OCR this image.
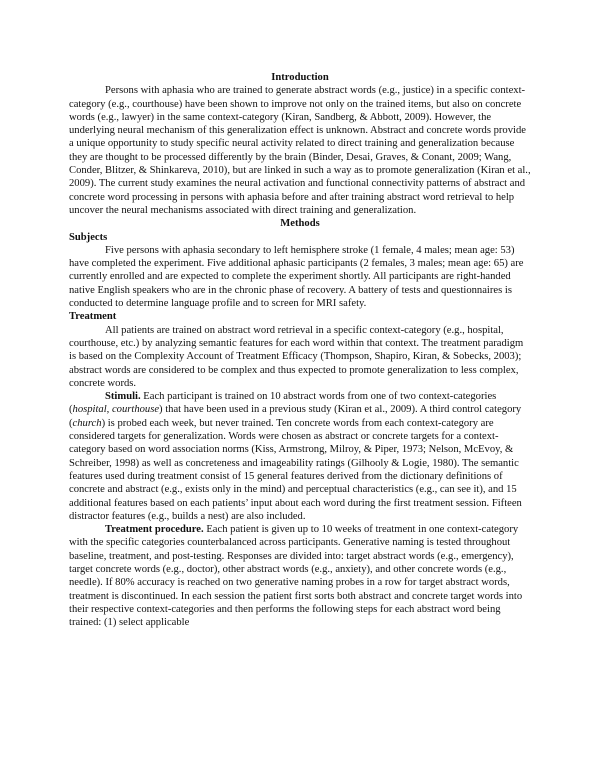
Introduction

Persons with aphasia who are trained to generate abstract words (e.g., justice) in a specific context-category (e.g., courthouse) have been shown to improve not only on the trained items, but also on concrete words (e.g., lawyer) in the same context-category (Kiran, Sandberg, & Abbott, 2009). However, the underlying neural mechanism of this generalization effect is unknown. Abstract and concrete words provide a unique opportunity to study specific neural activity related to direct training and generalization because they are thought to be processed differently by the brain (Binder, Desai, Graves, & Conant, 2009; Wang, Conder, Blitzer, & Shinkareva, 2010), but are linked in such a way as to promote generalization (Kiran et al., 2009). The current study examines the neural activation and functional connectivity patterns of abstract and concrete word processing in persons with aphasia before and after training abstract word retrieval to help uncover the neural mechanisms associated with direct training and generalization.

Methods
Subjects

Five persons with aphasia secondary to left hemisphere stroke (1 female, 4 males; mean age: 53) have completed the experiment. Five additional aphasic participants (2 females, 3 males; mean age: 65) are currently enrolled and are expected to complete the experiment shortly. All participants are right-handed native English speakers who are in the chronic phase of recovery. A battery of tests and questionnaires is conducted to determine language profile and to screen for MRI safety.

Treatment

All patients are trained on abstract word retrieval in a specific context-category (e.g., hospital, courthouse, etc.) by analyzing semantic features for each word within that context. The treatment paradigm is based on the Complexity Account of Treatment Efficacy (Thompson, Shapiro, Kiran, & Sobecks, 2003); abstract words are considered to be complex and thus expected to promote generalization to less complex, concrete words.

Stimuli. Each participant is trained on 10 abstract words from one of two context-categories (hospital, courthouse) that have been used in a previous study (Kiran et al., 2009). A third control category (church) is probed each week, but never trained. Ten concrete words from each context-category are considered targets for generalization. Words were chosen as abstract or concrete targets for a context-category based on word association norms (Kiss, Armstrong, Milroy, & Piper, 1973; Nelson, McEvoy, & Schreiber, 1998) as well as concreteness and imageability ratings (Gilhooly & Logie, 1980). The semantic features used during treatment consist of 15 general features derived from the dictionary definitions of concrete and abstract (e.g., exists only in the mind) and perceptual characteristics (e.g., can see it), and 15 additional features based on each patients’ input about each word during the first treatment session. Fifteen distractor features (e.g., builds a nest) are also included.

Treatment procedure. Each patient is given up to 10 weeks of treatment in one context-category with the specific categories counterbalanced across participants. Generative naming is tested throughout baseline, treatment, and post-testing. Responses are divided into: target abstract words (e.g., emergency), target concrete words (e.g., doctor), other abstract words (e.g., anxiety), and other concrete words (e.g., needle). If 80% accuracy is reached on two generative naming probes in a row for target abstract words, treatment is discontinued. In each session the patient first sorts both abstract and concrete target words into their respective context-categories and then performs the following steps for each abstract word being trained: (1) select applicable
